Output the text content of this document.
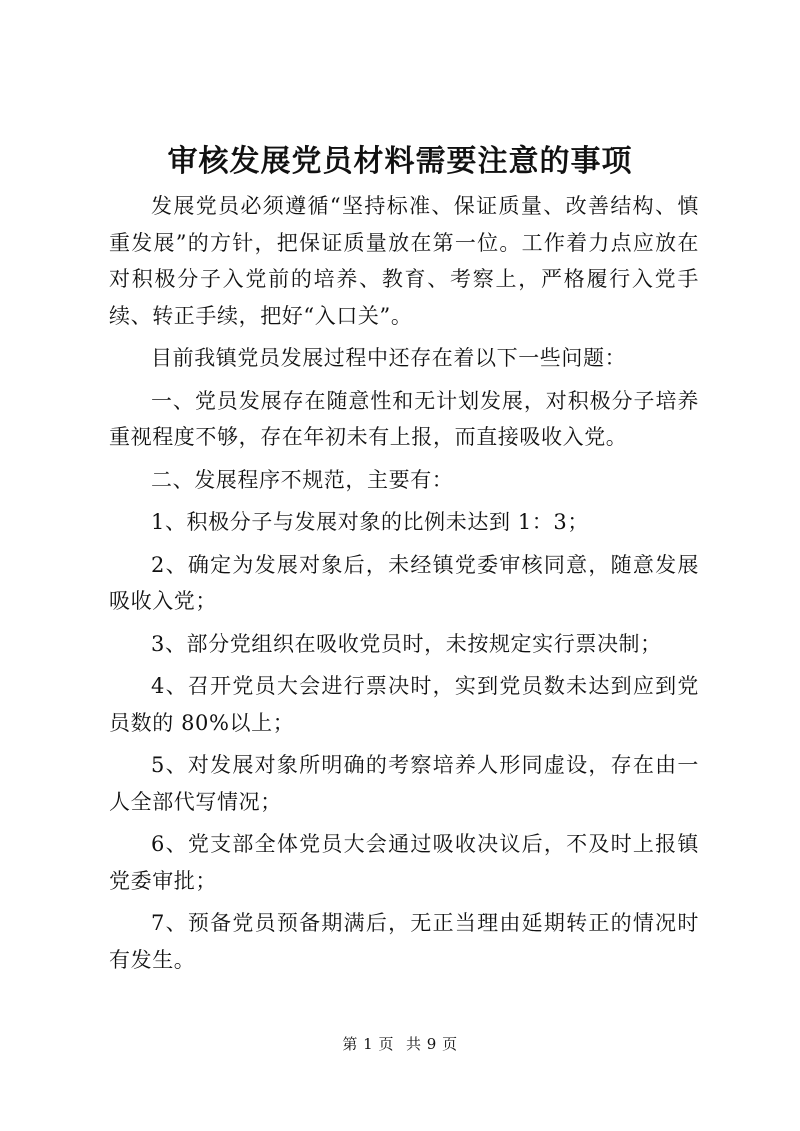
审核发展党员材料需要注意的事项

发展党员必须遵循“坚持标准、保证质量、改善结构、慎重发展”的方针，把保证质量放在第一位。工作着力点应放在对积极分子入党前的培养、教育、考察上，严格履行入党手续、转正手续，把好“入口关”。

目前我镇党员发展过程中还存在着以下一些问题：

一、党员发展存在随意性和无计划发展，对积极分子培养重视程度不够，存在年初未有上报，而直接吸收入党。

二、发展程序不规范，主要有：

1、积极分子与发展对象的比例未达到 1：3；

2、确定为发展对象后，未经镇党委审核同意，随意发展吸收入党；

3、部分党组织在吸收党员时，未按规定实行票决制；

4、召开党员大会进行票决时，实到党员数未达到应到党员数的 80%以上；

5、对发展对象所明确的考察培养人形同虚设，存在由一人全部代写情况；

6、党支部全体党员大会通过吸收决议后，不及时上报镇党委审批；

7、预备党员预备期满后，无正当理由延期转正的情况时有发生。

第 1 页 共 9 页
